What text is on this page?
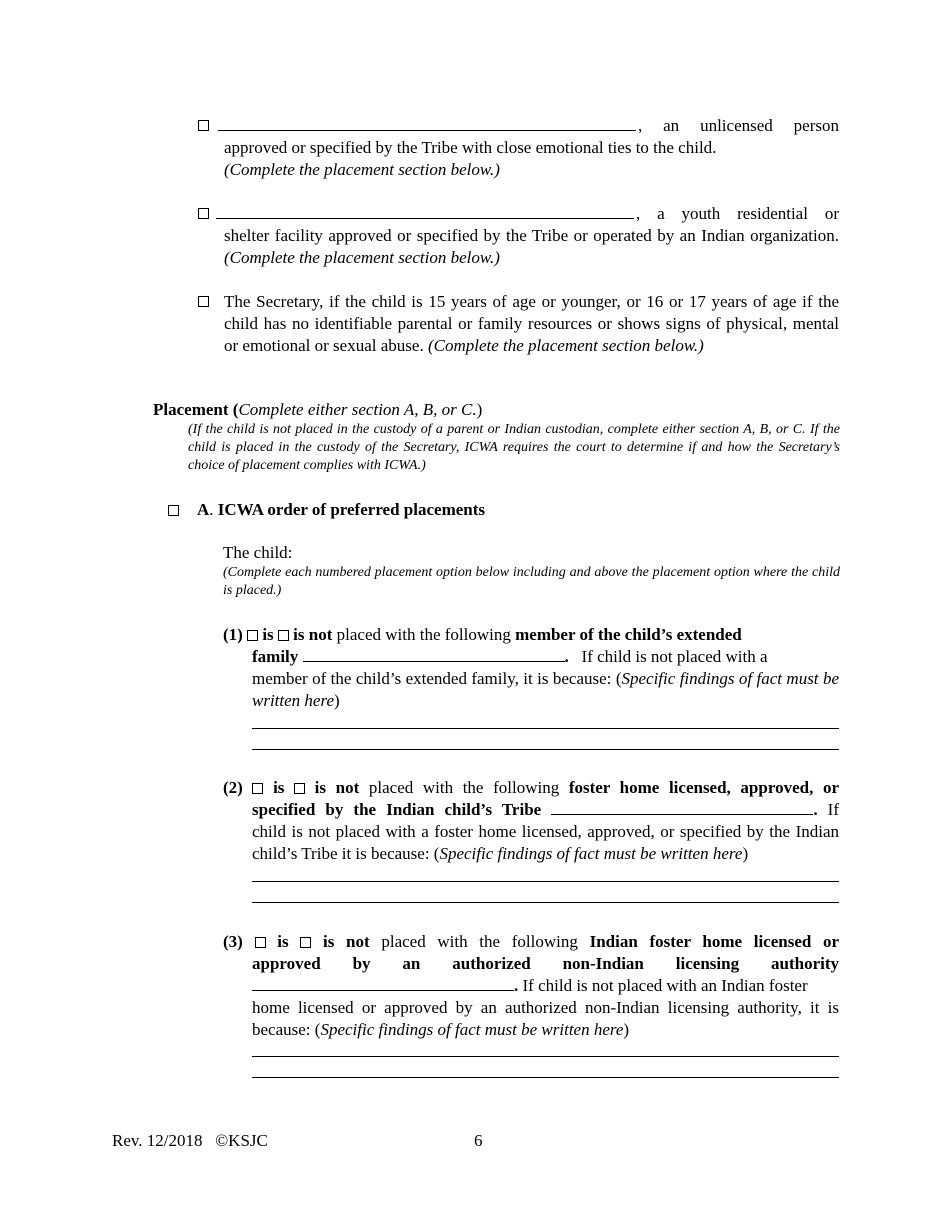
, an unlicensed person
approved or specified by the Tribe with close emotional ties to the child.
(Complete the placement section below.)
, a youth residential or
shelter facility approved or specified by the Tribe or operated by an Indian organization. (Complete the placement section below.)
The Secretary, if the child is 15 years of age or younger, or 16 or 17 years of age if the child has no identifiable parental or family resources or shows signs of physical, mental or emotional or sexual abuse. (Complete the placement section below.)
Placement (Complete either section A, B, or C.)
(If the child is not placed in the custody of a parent or Indian custodian, complete either section A, B, or C. If the child is placed in the custody of the Secretary, ICWA requires the court to determine if and how the Secretary’s choice of placement complies with ICWA.)
A. ICWA order of preferred placements
The child:
(Complete each numbered placement option below including and above the placement option where the child is placed.)
(1) is is not placed with the following member of the child’s extended
family	. If child is not placed with a
member of the child’s extended family, it is because: (Specific findings of fact must be written here)
(2) is is not placed with the following foster home licensed, approved, or
specified by the Indian child’s Tribe	. If
child is not placed with a foster home licensed, approved, or specified by the Indian child’s Tribe it is because: (Specific findings of fact must be written here)
(3) is is not placed with the following Indian foster home licensed or
approved by an authorized non-Indian licensing authority
. If child is not placed with an Indian foster
home licensed or approved by an authorized non-Indian licensing authority, it is because: (Specific findings of fact must be written here)
Rev. 12/2018 ©KSJC	6
